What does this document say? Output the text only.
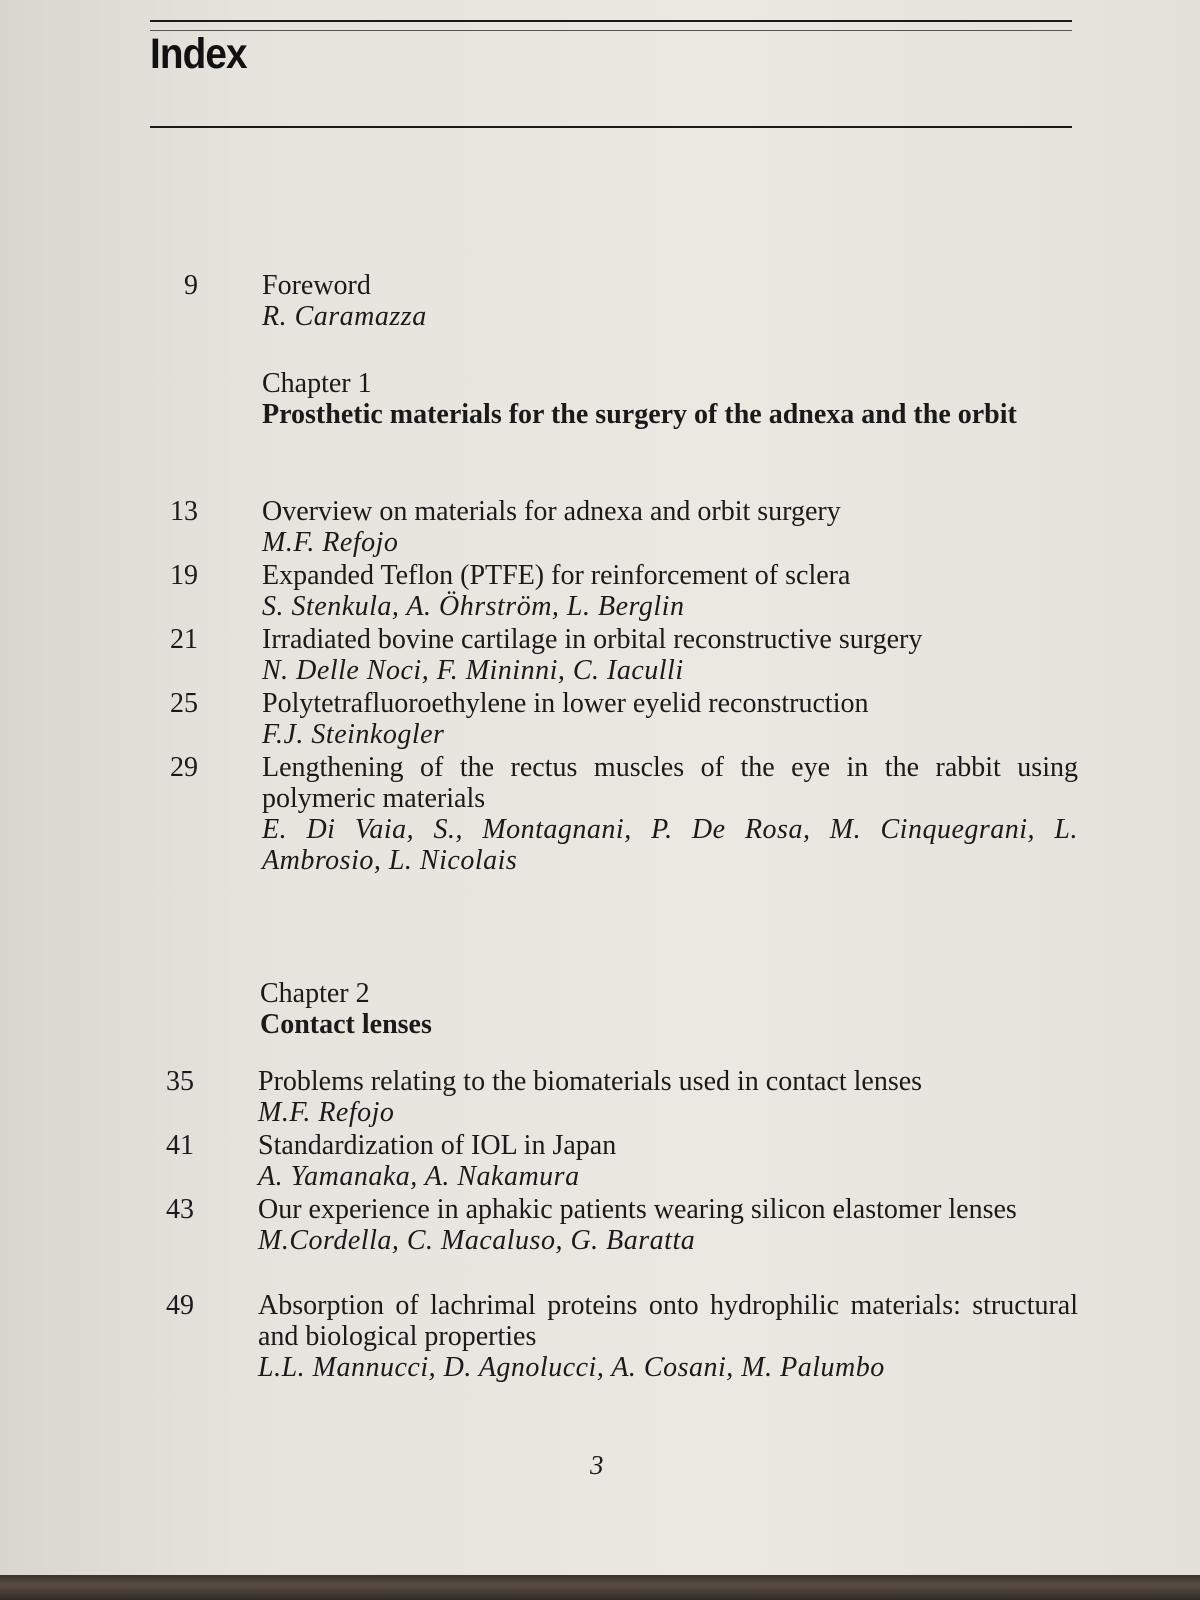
Index
9 Foreword
R. Caramazza
Chapter 1
Prosthetic materials for the surgery of the adnexa and the orbit
13 Overview on materials for adnexa and orbit surgery
M.F. Refojo
19 Expanded Teflon (PTFE) for reinforcement of sclera
S. Stenkula, A. Öhrström, L. Berglin
21 Irradiated bovine cartilage in orbital reconstructive surgery
N. Delle Noci, F. Mininni, C. Iaculli
25 Polytetrafluoroethylene in lower eyelid reconstruction
F.J. Steinkogler
29 Lengthening of the rectus muscles of the eye in the rabbit using polymeric materials
E. Di Vaia, S., Montagnani, P. De Rosa, M. Cinquegrani, L. Ambrosio, L. Nicolais
Chapter 2
Contact lenses
35 Problems relating to the biomaterials used in contact lenses
M.F. Refojo
41 Standardization of IOL in Japan
A. Yamanaka, A. Nakamura
43 Our experience in aphakic patients wearing silicon elastomer lenses
M.Cordella, C. Macaluso, G. Baratta
49 Absorption of lachrimal proteins onto hydrophilic materials: structural and biological properties
L.L. Mannucci, D. Agnolucci, A. Cosani, M. Palumbo
3
